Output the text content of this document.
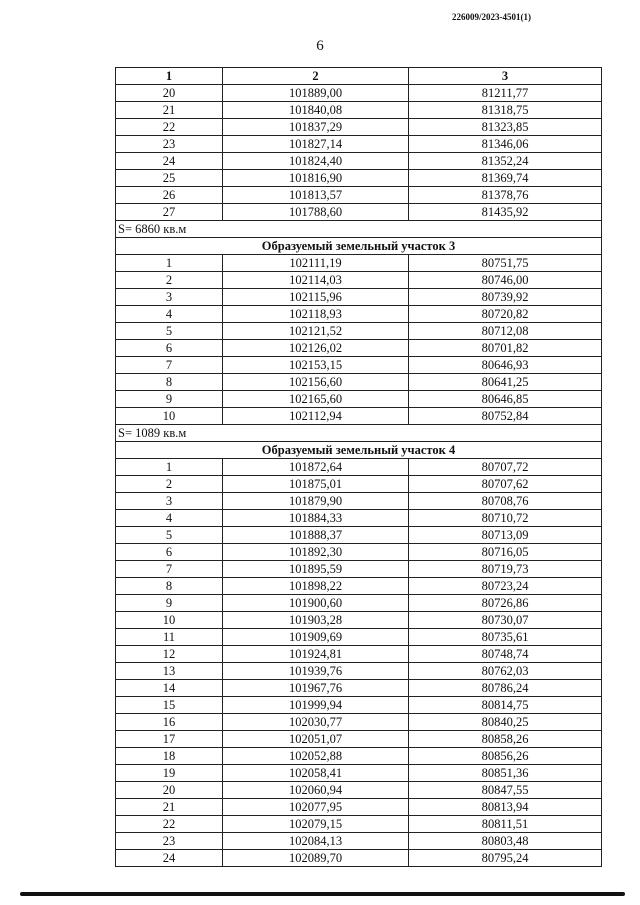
226009/2023-4501(1)
6
1	2	3
20	101889,00	81211,77
21	101840,08	81318,75
22	101837,29	81323,85
23	101827,14	81346,06
24	101824,40	81352,24
25	101816,90	81369,74
26	101813,57	81378,76
27	101788,60	81435,92
S= 6860 кв.м		
Образуемый земельный участок 3		
1	102111,19	80751,75
2	102114,03	80746,00
3	102115,96	80739,92
4	102118,93	80720,82
5	102121,52	80712,08
6	102126,02	80701,82
7	102153,15	80646,93
8	102156,60	80641,25
9	102165,60	80646,85
10	102112,94	80752,84
S= 1089 кв.м		
Образуемый земельный участок 4		
1	101872,64	80707,72
2	101875,01	80707,62
3	101879,90	80708,76
4	101884,33	80710,72
5	101888,37	80713,09
6	101892,30	80716,05
7	101895,59	80719,73
8	101898,22	80723,24
9	101900,60	80726,86
10	101903,28	80730,07
11	101909,69	80735,61
12	101924,81	80748,74
13	101939,76	80762,03
14	101967,76	80786,24
15	101999,94	80814,75
16	102030,77	80840,25
17	102051,07	80858,26
18	102052,88	80856,26
19	102058,41	80851,36
20	102060,94	80847,55
21	102077,95	80813,94
22	102079,15	80811,51
23	102084,13	80803,48
24	102089,70	80795,24
